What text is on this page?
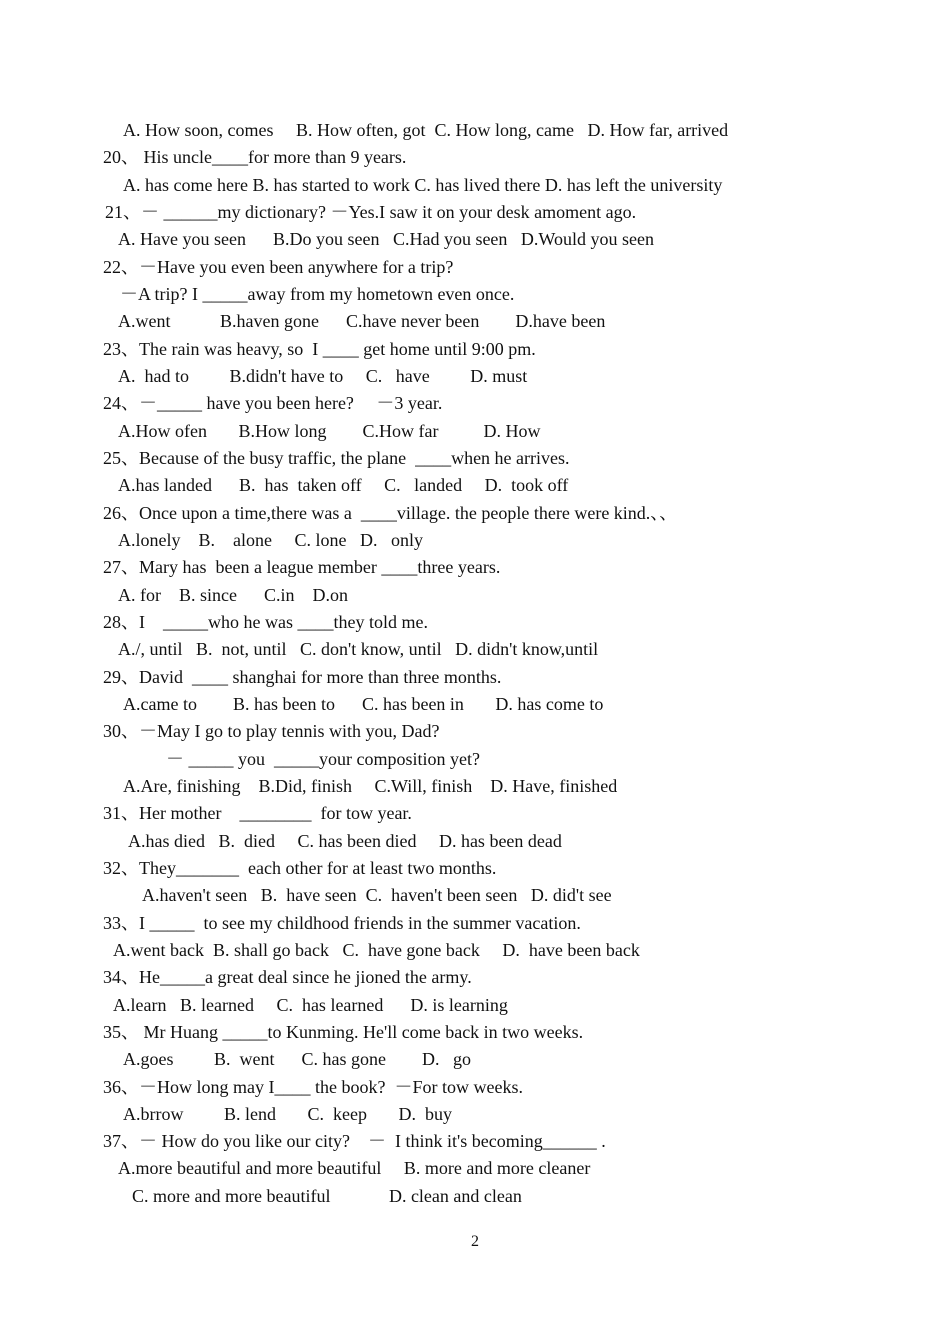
A. How soon, comes     B. How often, got  C. How long, came   D. How far, arrived
20、 His uncle____for more than 9 years.
A. has come here B. has started to work C. has lived there D. has left the university
21、－ ______my dictionary? －Yes.I saw it on your desk amoment ago.
A. Have you seen      B.Do you seen   C.Had you seen   D.Would you seen
22、－Have you even been anywhere for a trip?
－A trip? I _____away from my hometown even once.
A.went           B.haven gone      C.have never been        D.have been
23、The rain was heavy, so  I ____ get home until 9:00 pm.
A.  had to         B.didn't have to     C.   have         D. must
24、－_____ have you been here?     －3 year.
A.How ofen       B.How long        C.How far          D. How
25、Because of the busy traffic, the plane  ____when he arrives.
A.has landed      B.  has  taken off     C.   landed     D.  took off
26、Once upon a time,there was a  ____village. the people there were kind.、、
A.lonely    B.    alone     C. lone   D.   only
27、Mary has  been a league member ____three years.
A. for    B. since      C.in    D.on
28、I    _____who he was ____they told me.
A./, until   B.  not, until   C. don't know, until   D. didn't know,until
29、David  ____ shanghai for more than three months.
A.came to        B. has been to      C. has been in       D. has come to
30、－May I go to play tennis with you, Dad?
－ _____ you  _____your composition yet?
A.Are, finishing    B.Did, finish     C.Will, finish    D. Have, finished
31、Her mother    ________  for tow year.
A.has died   B.  died     C. has been died     D. has been dead
32、They_______  each other for at least two months.
A.haven't seen   B.  have seen  C.  haven't been seen   D. did't see
33、I _____  to see my childhood friends in the summer vacation.
A.went back  B. shall go back   C.  have gone back     D.  have been back
34、He_____a great deal since he jioned the army.
A.learn   B. learned     C.  has learned      D. is learning
35、 Mr Huang _____to Kunming. He'll come back in two weeks.
A.goes         B.  went      C. has gone        D.   go
36、－How long may I____ the book?  －For tow weeks.
A.brrow         B. lend       C.  keep       D.  buy
37、－ How do you like our city?    －  I think it's becoming______ .
A.more beautiful and more beautiful     B. more and more cleaner
C. more and more beautiful             D. clean and clean
2
